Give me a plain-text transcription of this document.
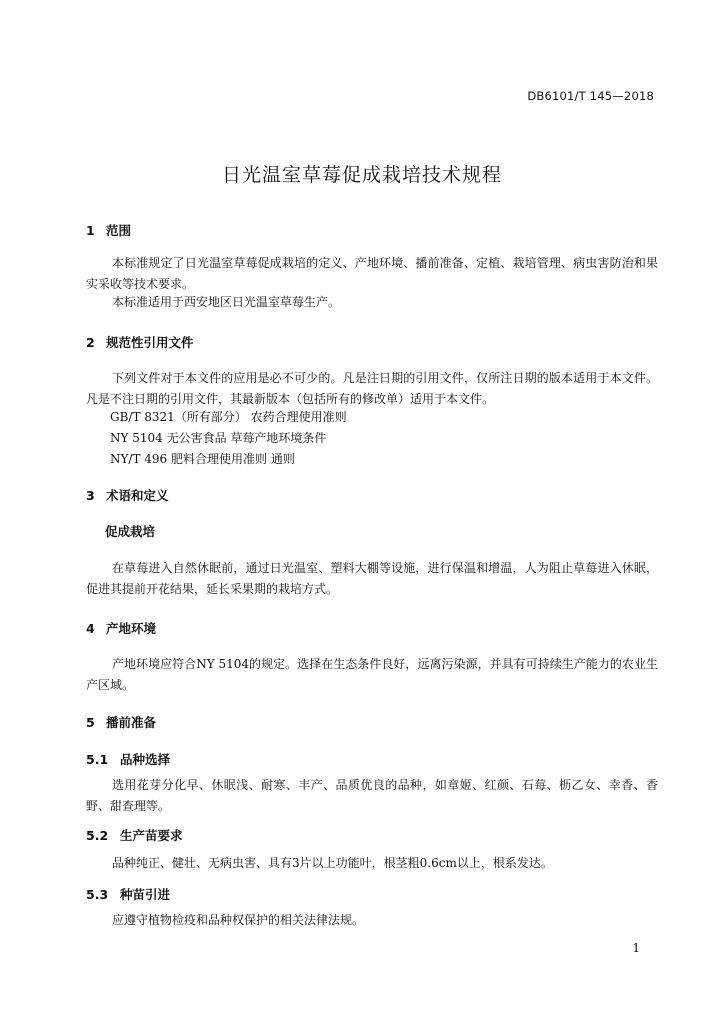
DB6101/T 145—2018
日光温室草莓促成栽培技术规程
1 范围
本标准规定了日光温室草莓促成栽培的定义、产地环境、播前准备、定植、栽培管理、病虫害防治和果实采收等技术要求。
本标准适用于西安地区日光温室草莓生产。
2 规范性引用文件
下列文件对于本文件的应用是必不可少的。凡是注日期的引用文件，仅所注日期的版本适用于本文件。凡是不注日期的引用文件，其最新版本（包括所有的修改单）适用于本文件。
GB/T 8321（所有部分） 农药合理使用准则
NY 5104 无公害食品 草莓产地环境条件
NY/T 496 肥料合理使用准则 通则
3 术语和定义
促成栽培
在草莓进入自然休眠前，通过日光温室、塑料大棚等设施，进行保温和增温，人为阻止草莓进入休眠，促进其提前开花结果，延长采果期的栽培方式。
4 产地环境
产地环境应符合NY 5104的规定。选择在生态条件良好，远离污染源，并具有可持续生产能力的农业生产区域。
5 播前准备
5.1 品种选择
选用花芽分化早、休眠浅、耐寒、丰产、品质优良的品种，如章姬、红颜、石莓、枥乙女、幸香、香野、甜查理等。
5.2 生产苗要求
品种纯正、健壮、无病虫害、具有3片以上功能叶，根茎粗0.6cm以上，根系发达。
5.3 种苗引进
应遵守植物检疫和品种权保护的相关法律法规。
1
